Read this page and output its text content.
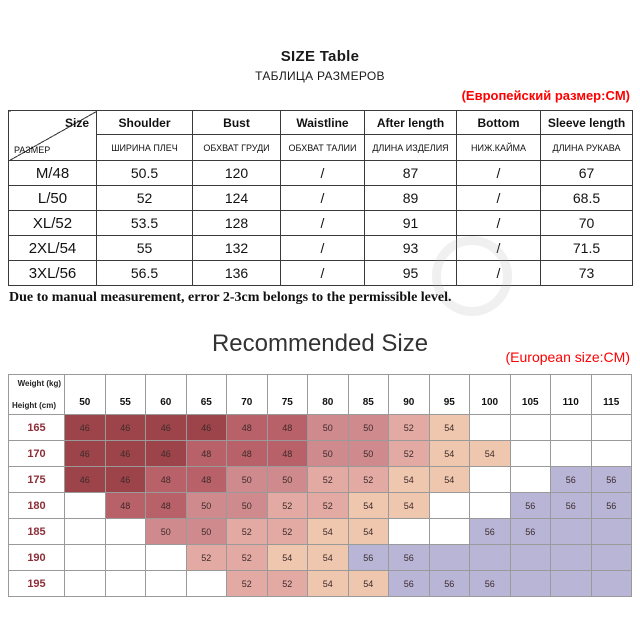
SIZE Table
ТАБЛИЦА РАЗМЕРОВ
(Европейский размер:CM)
Size
РАЗМЕР	Shoulder	Bust	Waistline	After length	Bottom	Sleeve length
	ШИРИНА ПЛЕЧ	ОБХВАТ ГРУДИ	ОБХВАТ ТАЛИИ	ДЛИНА ИЗДЕЛИЯ	НИЖ.КАЙМА	ДЛИНА РУКАВА
M/48	50.5	120	/	87	/	67
L/50	52	124	/	89	/	68.5
XL/52	53.5	128	/	91	/	70
2XL/54	55	132	/	93	/	71.5
3XL/56	56.5	136	/	95	/	73
Due to manual measurement, error 2-3cm belongs to the permissible level.
Recommended Size	(European size:CM)
Weight (kg)
Height (cm)	50	55	60	65	70	75	80	85	90	95	100	105	110	115
165	46	46	46	46	48	48	50	50	52	54				
170	46	46	46	48	48	48	50	50	52	54	54			
175	46	46	48	48	50	50	52	52	54	54			56	56
180		48	48	50	50	52	52	54	54			56	56	56
185			50	50	52	52	54	54			56	56		
190				52	52	54	54	56	56					
195					52	52	54	54	56	56	56			
